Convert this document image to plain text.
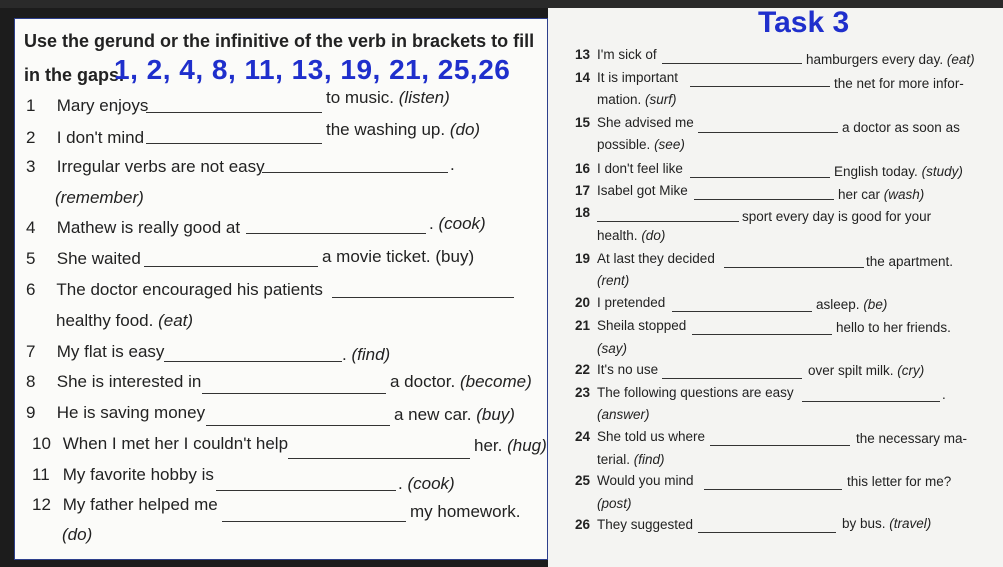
Task 3
Use the gerund or the infinitive of the verb in brackets to fill
in the gaps.
1, 2, 4, 8, 11, 13, 19, 21, 25,26
1 Mary enjoys	to music. (listen)
2 I don't mind	the washing up. (do)
3 Irregular verbs are not easy	.
(remember)
4 Mathew is really good at	. (cook)
5 She waited	a movie ticket. (buy)
6 The doctor encouraged his patients
healthy food. (eat)
7 My flat is easy	. (find)
8 She is interested in	a doctor. (become)
9 He is saving money	a new car. (buy)
10 When I met her I couldn't help	her. (hug)
11 My favorite hobby is	. (cook)
12 My father helped me	my homework.
(do)
13 I'm sick of	hamburgers every day. (eat)
14 It is important	the net for more infor-
mation. (surf)
15 She advised me	a doctor as soon as
possible. (see)
16 I don't feel like	English today. (study)
17 Isabel got Mike	her car (wash)
18	sport every day is good for your
health. (do)
19 At last they decided	the apartment.
(rent)
20 I pretended	asleep. (be)
21 Sheila stopped	hello to her friends.
(say)
22 It's no use	over spilt milk. (cry)
23 The following questions are easy	.
(answer)
24 She told us where	the necessary ma-
terial. (find)
25 Would you mind	this letter for me?
(post)
26 They suggested	by bus. (travel)
